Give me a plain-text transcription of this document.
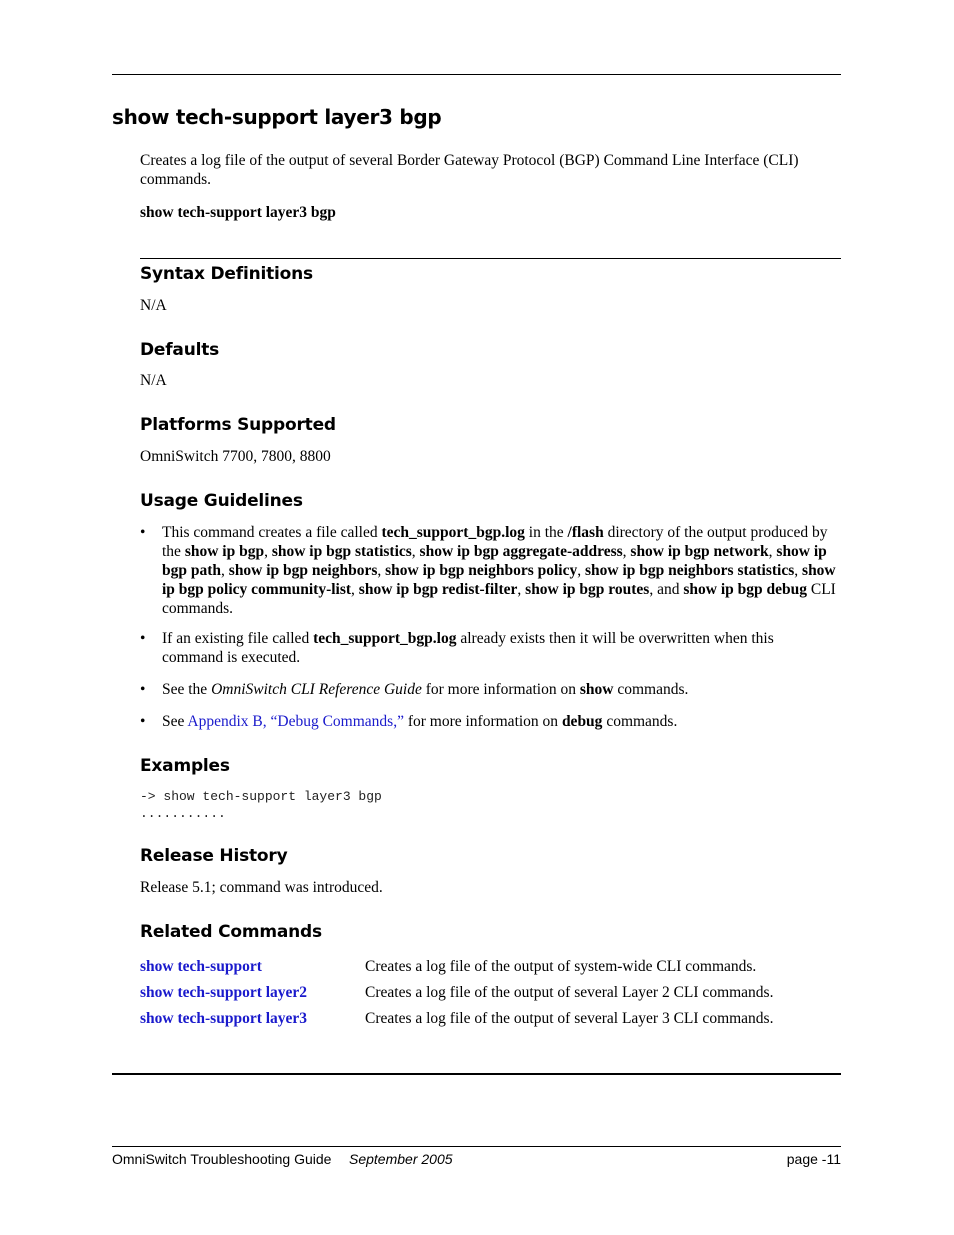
show tech-support layer3 bgp
Creates a log file of the output of several Border Gateway Protocol (BGP) Command Line Interface (CLI) commands.
show tech-support layer3 bgp
Syntax Definitions
N/A
Defaults
N/A
Platforms Supported
OmniSwitch 7700, 7800, 8800
Usage Guidelines
• This command creates a file called tech_support_bgp.log in the /flash directory of the output produced by the show ip bgp, show ip bgp statistics, show ip bgp aggregate-address, show ip bgp network, show ip bgp path, show ip bgp neighbors, show ip bgp neighbors policy, show ip bgp neighbors statistics, show ip bgp policy community-list, show ip bgp redist-filter, show ip bgp routes, and show ip bgp debug CLI commands.
• If an existing file called tech_support_bgp.log already exists then it will be overwritten when this command is executed.
• See the OmniSwitch CLI Reference Guide for more information on show commands.
• See Appendix B, “Debug Commands,” for more information on debug commands.
Examples
-> show tech-support layer3 bgp
...........
Release History
Release 5.1; command was introduced.
Related Commands
show tech-support	Creates a log file of the output of system-wide CLI commands.
show tech-support layer2	Creates a log file of the output of several Layer 2 CLI commands.
show tech-support layer3	Creates a log file of the output of several Layer 3 CLI commands.
OmniSwitch Troubleshooting Guide September 2005	page -11
